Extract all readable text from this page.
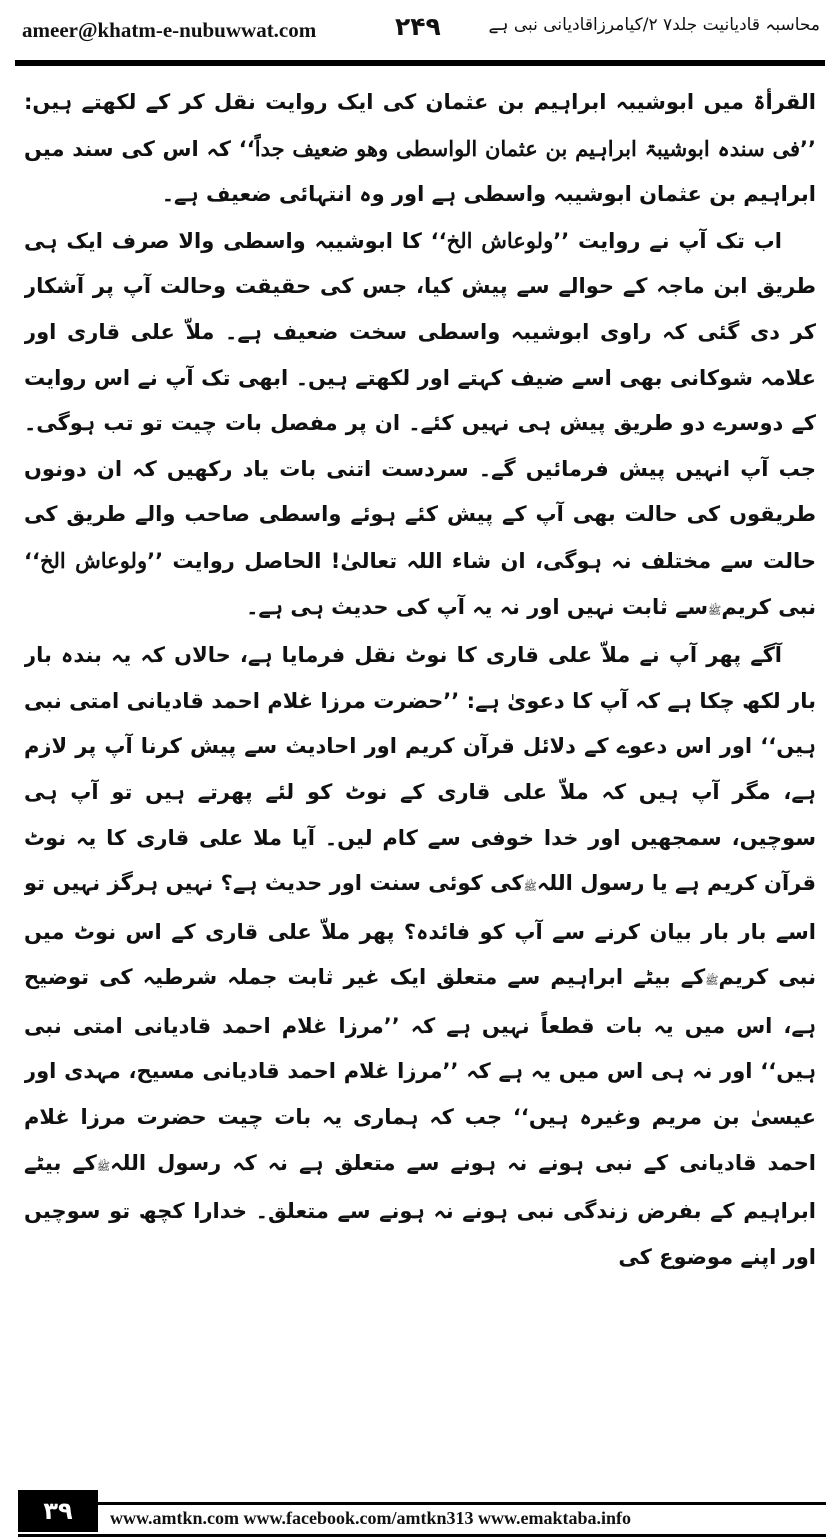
ameer@khatm-e-nubuwwat.com	۲۴۹	محاسبہ قادیانیت جلد۷ ۲/کیامرزاقادیانی نبی ہے

القرأۃ میں ابوشیبہ ابراہیم بن عثمان کی ایک روایت نقل کر کے لکھتے ہیں: ’’فی سندہ ابوشیبۃ ابراہیم بن عثمان الواسطی وھو ضعیف جداً‘‘ کہ اس کی سند میں ابراہیم بن عثمان ابوشیبہ واسطی ہے اور وہ انتہائی ضعیف ہے۔

اب تک آپ نے روایت ’’ولوعاش الخ‘‘ کا ابوشیبہ واسطی والا صرف ایک ہی طریق ابن ماجہ کے حوالے سے پیش کیا، جس کی حقیقت وحالت آپ پر آشکار کر دی گئی کہ راوی ابوشیبہ واسطی سخت ضعیف ہے۔ ملاّ علی قاری اور علامہ شوکانی بھی اسے ضیف کہتے اور لکھتے ہیں۔ ابھی تک آپ نے اس روایت کے دوسرے دو طریق پیش ہی نہیں کئے۔ ان پر مفصل بات چیت تو تب ہوگی۔ جب آپ انہیں پیش فرمائیں گے۔ سردست اتنی بات یاد رکھیں کہ ان دونوں طریقوں کی حالت بھی آپ کے پیش کئے ہوئے واسطی صاحب والے طریق کی حالت سے مختلف نہ ہوگی، ان شاء اللہ تعالیٰ! الحاصل روایت ’’ولوعاش الخ‘‘ نبی کریمﷺسے ثابت نہیں اور نہ یہ آپ کی حدیث ہی ہے۔

آگے پھر آپ نے ملاّ علی قاری کا نوٹ نقل فرمایا ہے، حالاں کہ یہ بندہ بار بار لکھ چکا ہے کہ آپ کا دعویٰ ہے: ’’حضرت مرزا غلام احمد قادیانی امتی نبی ہیں‘‘ اور اس دعوے کے دلائل قرآن کریم اور احادیث سے پیش کرنا آپ پر لازم ہے، مگر آپ ہیں کہ ملاّ علی قاری کے نوٹ کو لئے پھرتے ہیں تو آپ ہی سوچیں، سمجھیں اور خدا خوفی سے کام لیں۔ آیا ملا علی قاری کا یہ نوٹ قرآن کریم ہے یا رسول اللہﷺکی کوئی سنت اور حدیث ہے؟ نہیں ہرگز نہیں تو اسے بار بار بیان کرنے سے آپ کو فائدہ؟ پھر ملاّ علی قاری کے اس نوٹ میں نبی کریمﷺکے بیٹے ابراہیم سے متعلق ایک غیر ثابت جملہ شرطیہ کی توضیح ہے، اس میں یہ بات قطعاً نہیں ہے کہ ’’مرزا غلام احمد قادیانی امتی نبی ہیں‘‘ اور نہ ہی اس میں یہ ہے کہ ’’مرزا غلام احمد قادیانی مسیح، مہدی اور عیسیٰ بن مریم وغیرہ ہیں‘‘ جب کہ ہماری یہ بات چیت حضرت مرزا غلام احمد قادیانی کے نبی ہونے نہ ہونے سے متعلق ہے نہ کہ رسول اللہﷺکے بیٹے ابراہیم کے بفرض زندگی نبی ہونے نہ ہونے سے متعلق۔ خدارا کچھ تو سوچیں اور اپنے موضوع کی

۳۹	www.amtkn.com www.facebook.com/amtkn313 www.emaktaba.info
